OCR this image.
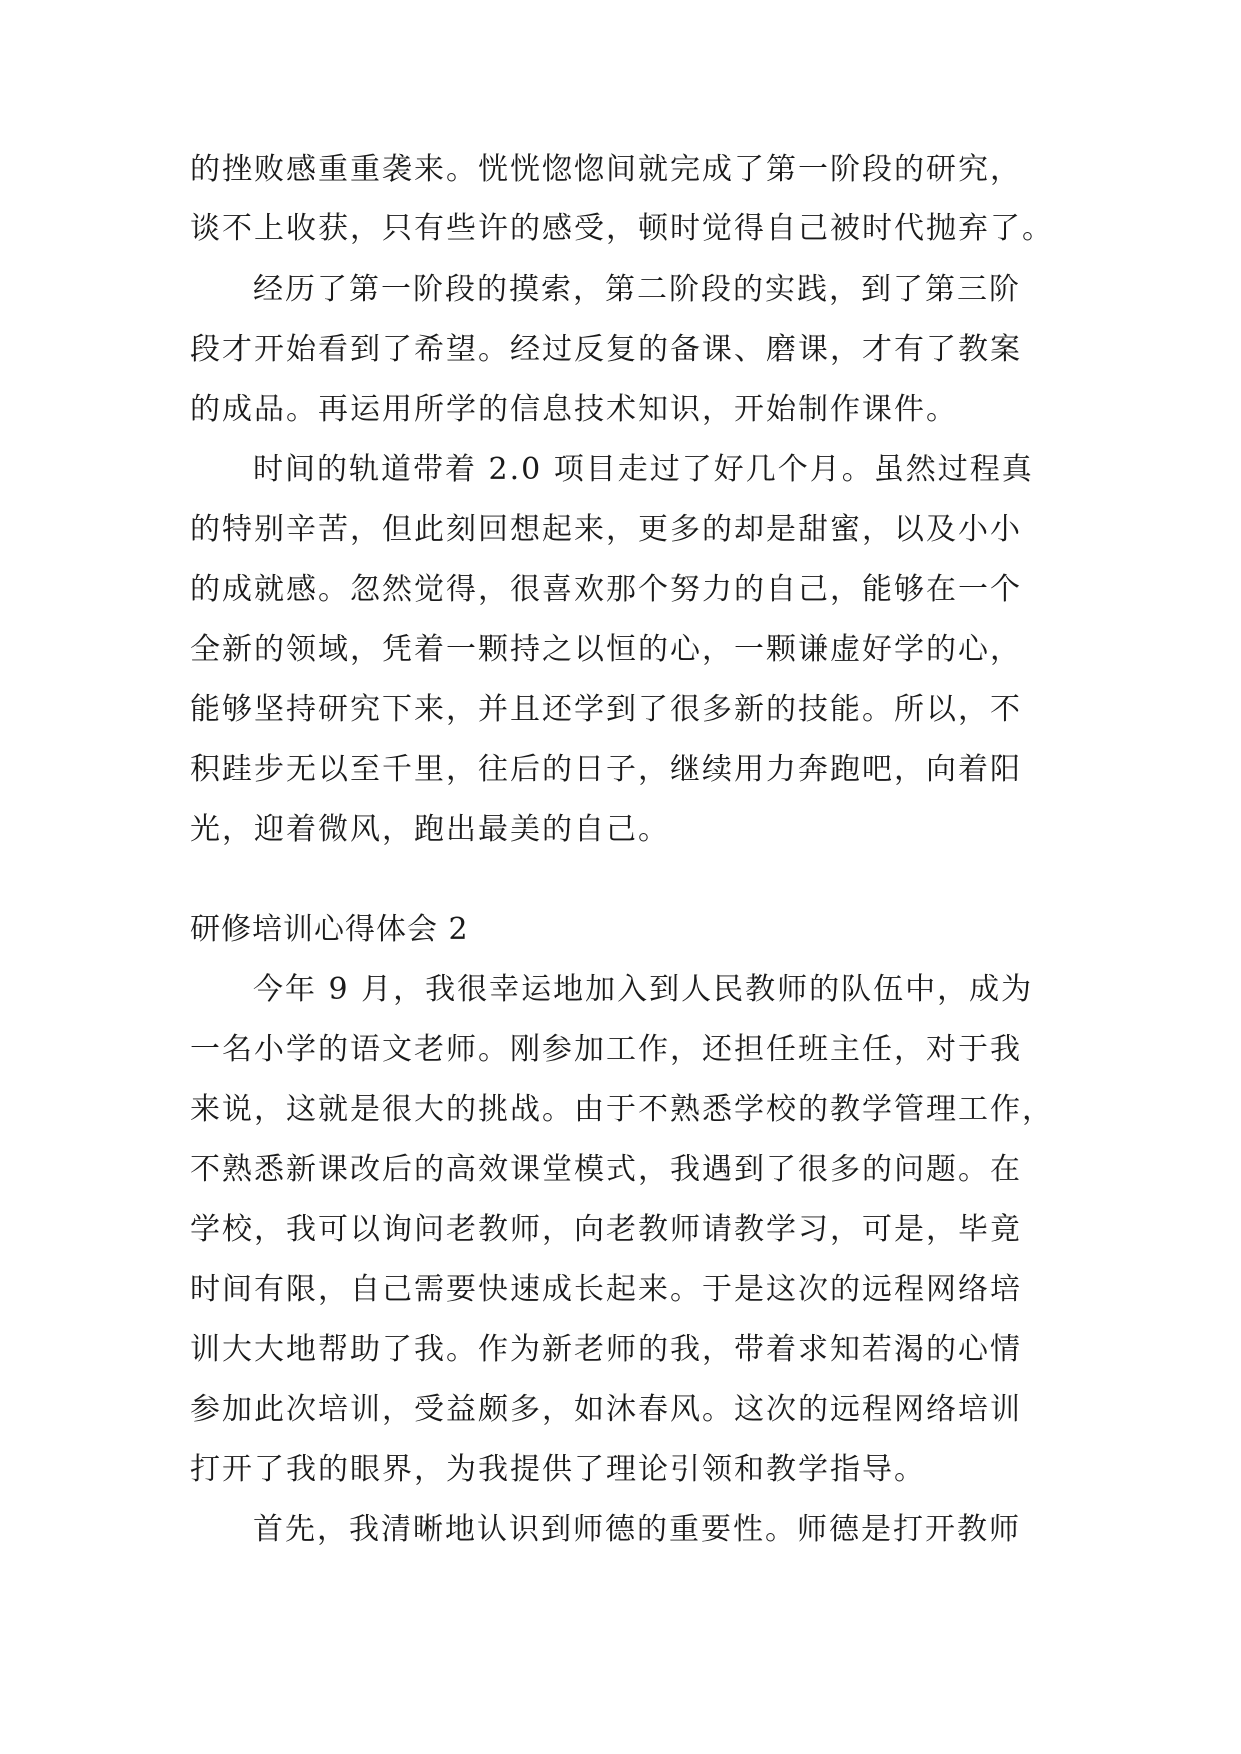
的挫败感重重袭来。恍恍惚惚间就完成了第一阶段的研究，
谈不上收获，只有些许的感受，顿时觉得自己被时代抛弃了。
经历了第一阶段的摸索，第二阶段的实践，到了第三阶
段才开始看到了希望。经过反复的备课、磨课，才有了教案
的成品。再运用所学的信息技术知识，开始制作课件。
时间的轨道带着 2.0 项目走过了好几个月。虽然过程真
的特别辛苦，但此刻回想起来，更多的却是甜蜜，以及小小
的成就感。忽然觉得，很喜欢那个努力的自己，能够在一个
全新的领域，凭着一颗持之以恒的心，一颗谦虚好学的心，
能够坚持研究下来，并且还学到了很多新的技能。所以，不
积跬步无以至千里，往后的日子，继续用力奔跑吧，向着阳
光，迎着微风，跑出最美的自己。
研修培训心得体会 2
今年 9 月，我很幸运地加入到人民教师的队伍中，成为
一名小学的语文老师。刚参加工作，还担任班主任，对于我
来说，这就是很大的挑战。由于不熟悉学校的教学管理工作，
不熟悉新课改后的高效课堂模式，我遇到了很多的问题。在
学校，我可以询问老教师，向老教师请教学习，可是，毕竟
时间有限，自己需要快速成长起来。于是这次的远程网络培
训大大地帮助了我。作为新老师的我，带着求知若渴的心情
参加此次培训，受益颇多，如沐春风。这次的远程网络培训
打开了我的眼界，为我提供了理论引领和教学指导。
首先，我清晰地认识到师德的重要性。师德是打开教师
